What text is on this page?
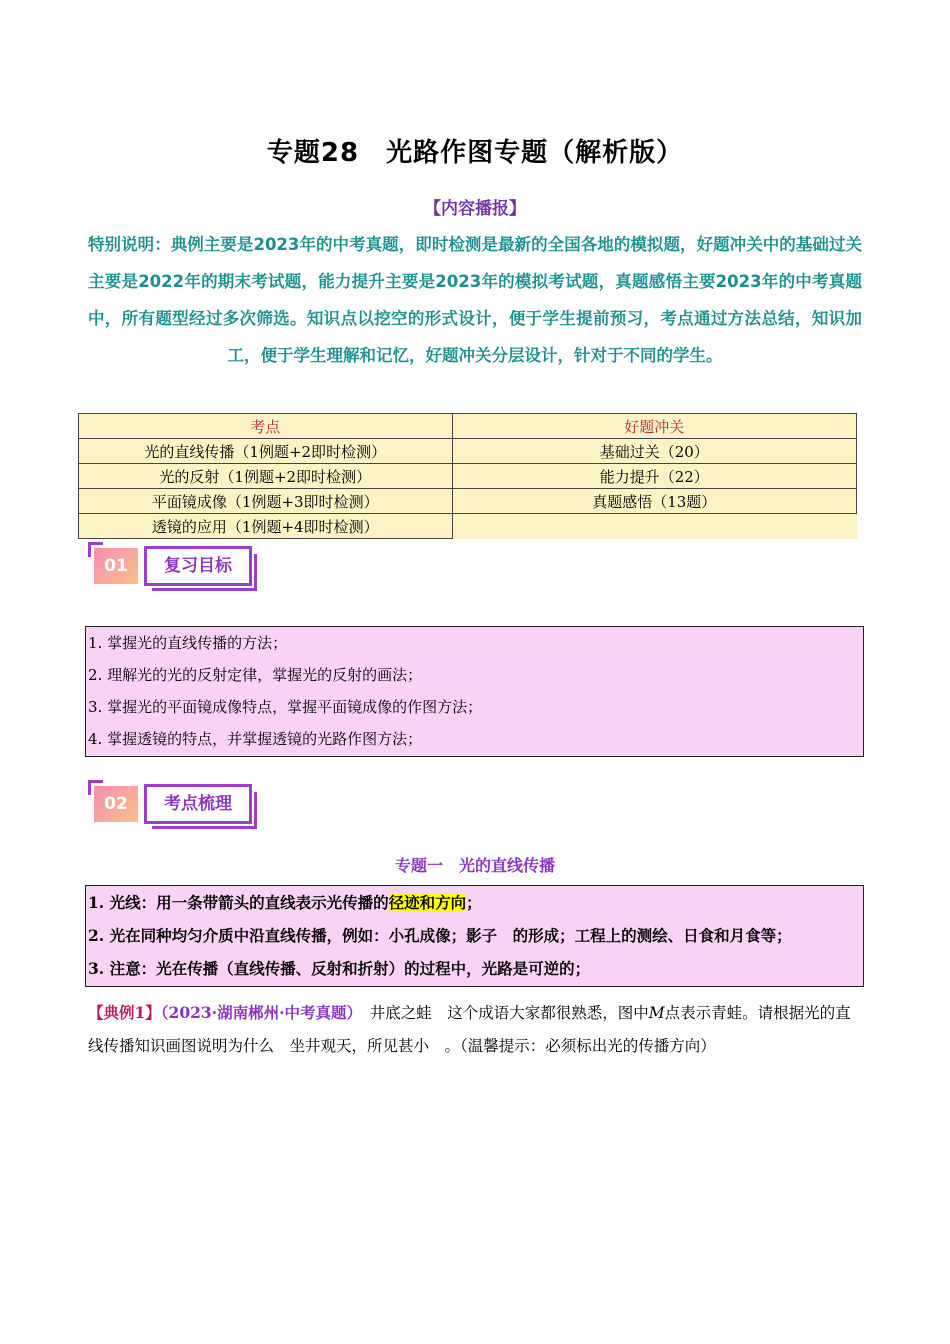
专题28　光路作图专题（解析版）
【内容播报】
特别说明：典例主要是2023年的中考真题，即时检测是最新的全国各地的模拟题，好题冲关中的基础过关主要是2022年的期末考试题，能力提升主要是2023年的模拟考试题，真题感悟主要2023年的中考真题中，所有题型经过多次筛选。知识点以挖空的形式设计，便于学生提前预习，考点通过方法总结，知识加工，便于学生理解和记忆，好题冲关分层设计，针对于不同的学生。
考点	好题冲关
光的直线传播（1例题+2即时检测）	基础过关（20）
光的反射（1例题+2即时检测）	能力提升（22）
平面镜成像（1例题+3即时检测）	真题感悟（13题）
透镜的应用（1例题+4即时检测）	
01	复习目标
1. 掌握光的直线传播的方法；
2. 理解光的光的反射定律，掌握光的反射的画法；
3. 掌握光的平面镜成像特点，掌握平面镜成像的作图方法；
4. 掌握透镜的特点，并掌握透镜的光路作图方法；
02	考点梳理
专题一　光的直线传播
1. 光线：用一条带箭头的直线表示光传播的径迹和方向；
2. 光在同种均匀介质中沿直线传播，例如：小孔成像；影子　的形成；工程上的测绘、日食和月食等；
3. 注意：光在传播（直线传播、反射和折射）的过程中，光路是可逆的；
【典例1】（2023·湖南郴州·中考真题）　井底之蛙　这个成语大家都很熟悉，图中M点表示青蛙。请根据光的直线传播知识画图说明为什么　坐井观天，所见甚小　。（温馨提示：必须标出光的传播方向）
